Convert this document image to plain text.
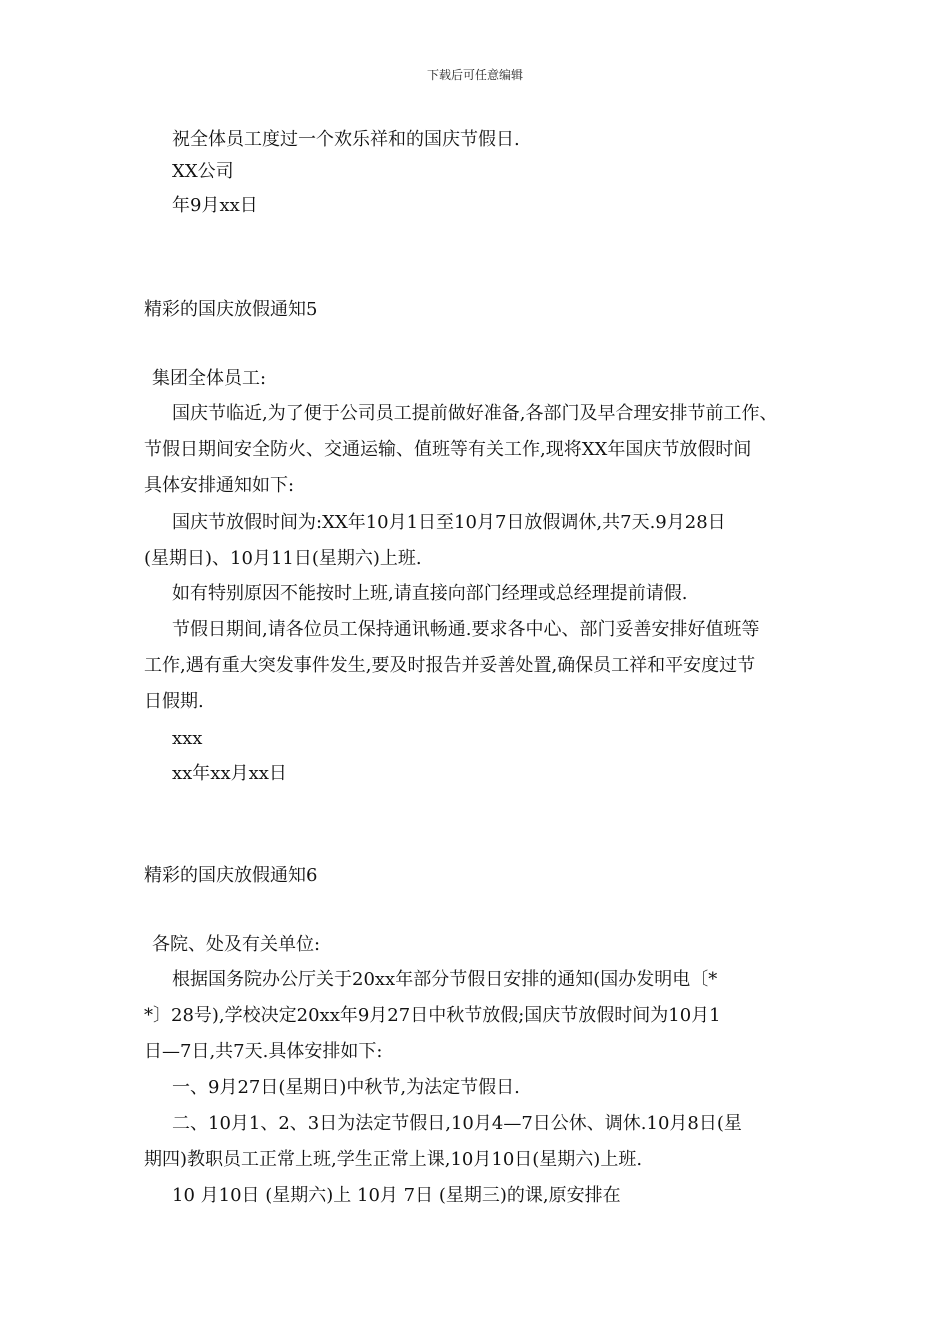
下载后可任意编辑
祝全体员工度过一个欢乐祥和的国庆节假日.
XX公司
年9月xx日
精彩的国庆放假通知5
集团全体员工:
国庆节临近,为了便于公司员工提前做好准备,各部门及早合理安排节前工作、
节假日期间安全防火、交通运输、值班等有关工作,现将XX年国庆节放假时间
具体安排通知如下:
国庆节放假时间为:XX年10月1日至10月7日放假调休,共7天.9月28日
(星期日)、10月11日(星期六)上班.
如有特别原因不能按时上班,请直接向部门经理或总经理提前请假.
节假日期间,请各位员工保持通讯畅通.要求各中心、部门妥善安排好值班等
工作,遇有重大突发事件发生,要及时报告并妥善处置,确保员工祥和平安度过节
日假期.
xxx
xx年xx月xx日
精彩的国庆放假通知6
各院、处及有关单位:
根据国务院办公厅关于20xx年部分节假日安排的通知(国办发明电〔*
*〕28号),学校决定20xx年9月27日中秋节放假;国庆节放假时间为10月1
日—7日,共7天.具体安排如下:
一、9月27日(星期日)中秋节,为法定节假日.
二、10月1、2、3日为法定节假日,10月4—7日公休、调休.10月8日(星
期四)教职员工正常上班,学生正常上课,10月10日(星期六)上班.
10 月10日 (星期六)上 10月 7日 (星期三)的课,原安排在
